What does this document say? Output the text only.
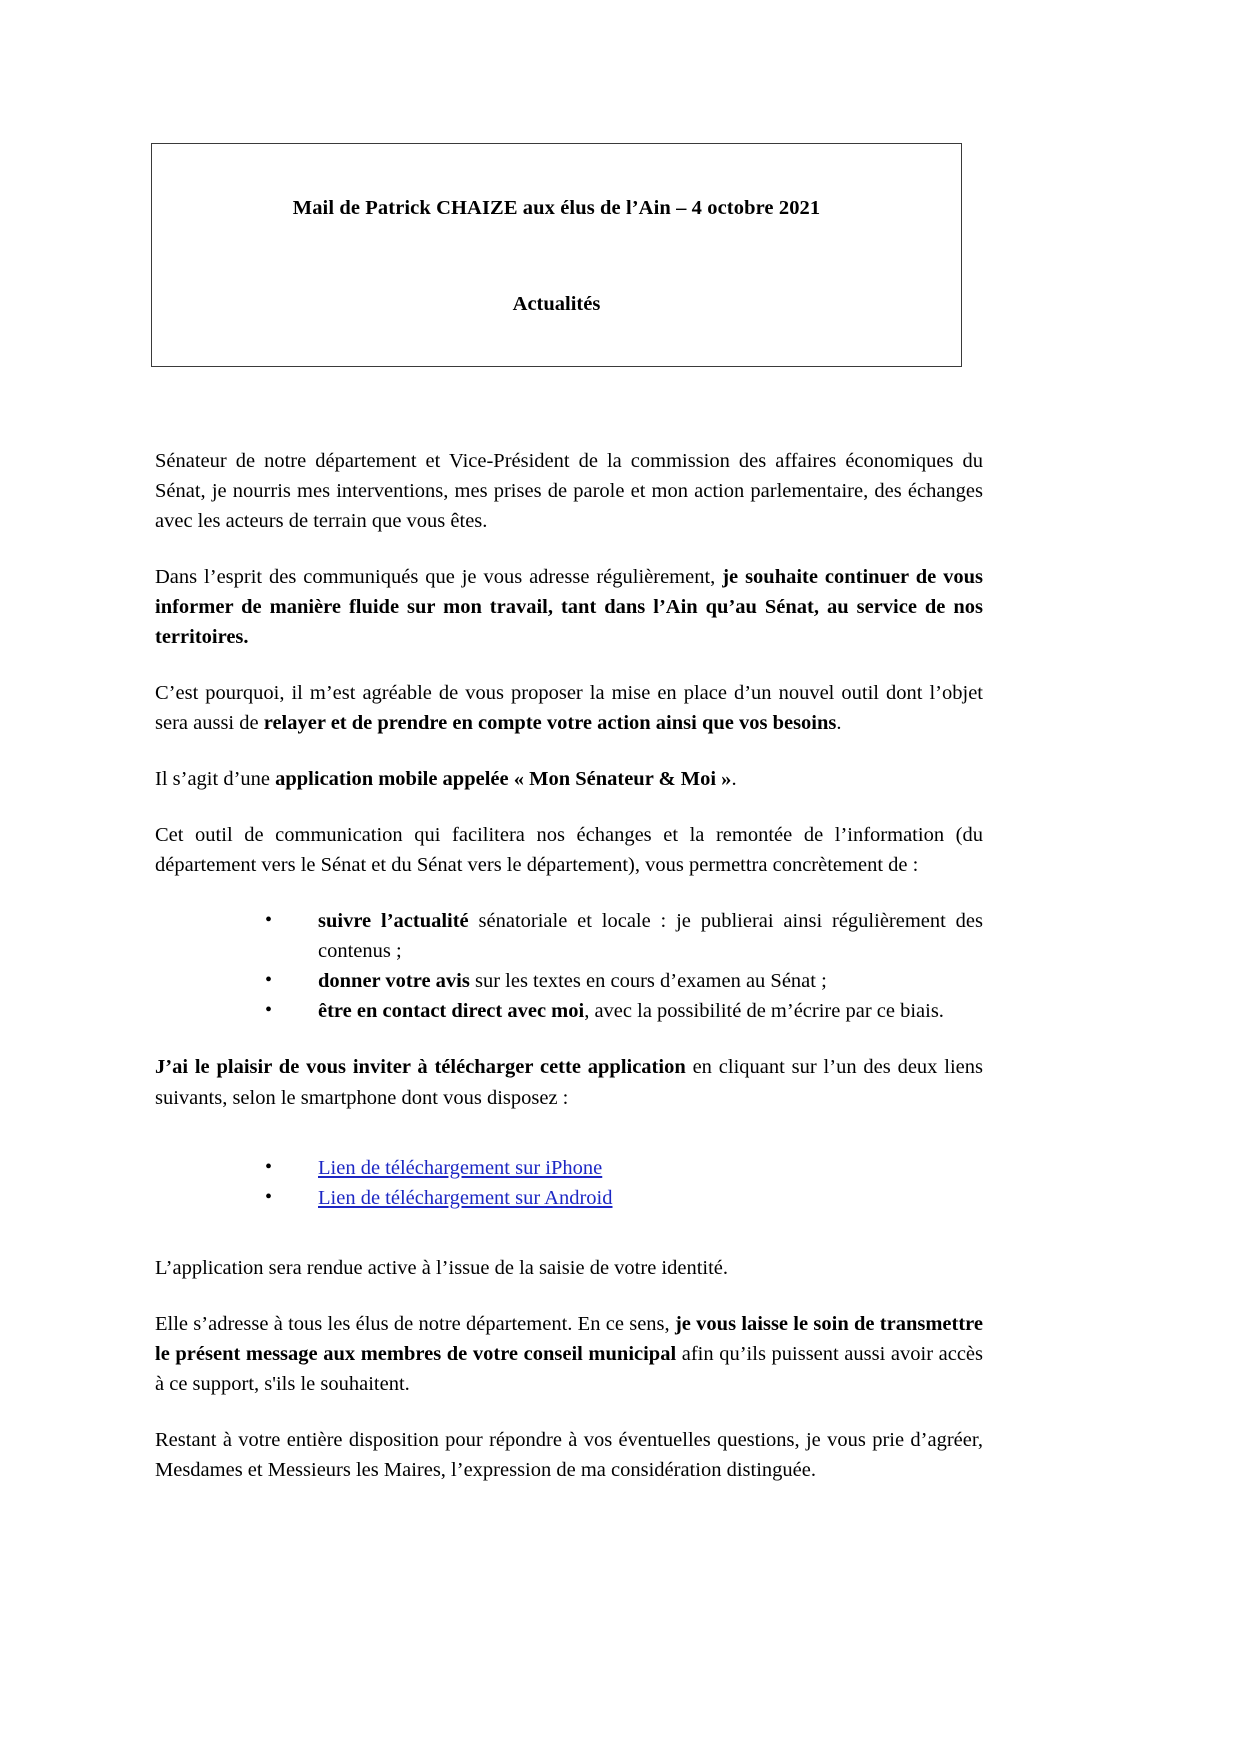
Mail de Patrick CHAIZE aux élus de l’Ain – 4 octobre 2021
Actualités

Sénateur de notre département et Vice-Président de la commission des affaires économiques du Sénat, je nourris mes interventions, mes prises de parole et mon action parlementaire, des échanges avec les acteurs de terrain que vous êtes.

Dans l’esprit des communiqués que je vous adresse régulièrement, je souhaite continuer de vous informer de manière fluide sur mon travail, tant dans l’Ain qu’au Sénat, au service de nos territoires.

C’est pourquoi, il m’est agréable de vous proposer la mise en place d’un nouvel outil dont l’objet sera aussi de relayer et de prendre en compte votre action ainsi que vos besoins.

Il s’agit d’une application mobile appelée « Mon Sénateur & Moi ».

Cet outil de communication qui facilitera nos échanges et la remontée de l’information (du département vers le Sénat et du Sénat vers le département), vous permettra concrètement de :

• suivre l’actualité sénatoriale et locale : je publierai ainsi régulièrement des contenus ;
• donner votre avis sur les textes en cours d’examen au Sénat ;
• être en contact direct avec moi, avec la possibilité de m’écrire par ce biais.

J’ai le plaisir de vous inviter à télécharger cette application en cliquant sur l’un des deux liens suivants, selon le smartphone dont vous disposez :

• Lien de téléchargement sur iPhone
• Lien de téléchargement sur Android

L’application sera rendue active à l’issue de la saisie de votre identité.

Elle s’adresse à tous les élus de notre département. En ce sens, je vous laisse le soin de transmettre le présent message aux membres de votre conseil municipal afin qu’ils puissent aussi avoir accès à ce support, s'ils le souhaitent.

Restant à votre entière disposition pour répondre à vos éventuelles questions, je vous prie d’agréer, Mesdames et Messieurs les Maires, l’expression de ma considération distinguée.
